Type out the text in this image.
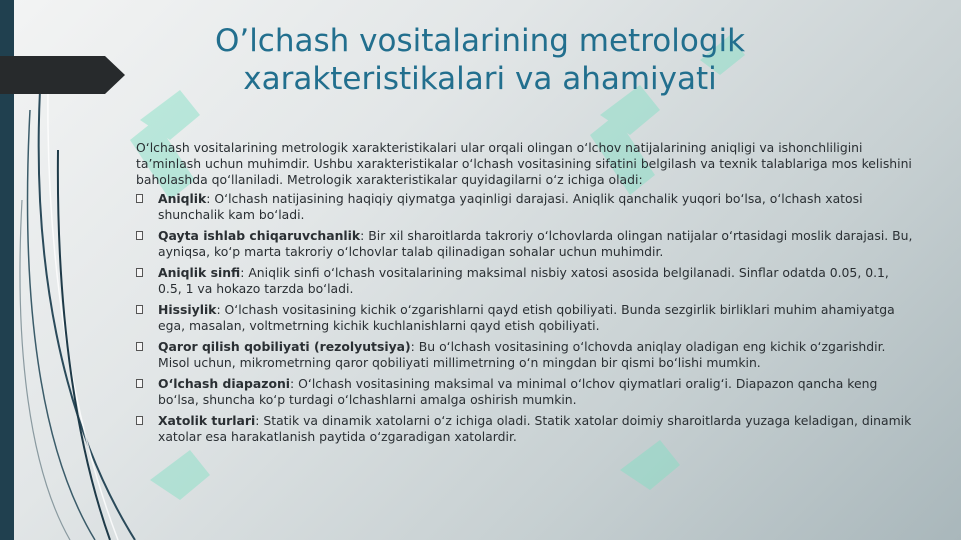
O’lchash vositalarining metrologik xarakteristikalari va ahamiyati

O‘lchash vositalarining metrologik xarakteristikalari ular orqali olingan o‘lchov natijalarining aniqligi va ishonchliligini ta’minlash uchun muhimdir. Ushbu xarakteristikalar o‘lchash vositasining sifatini belgilash va texnik talablariga mos kelishini baholashda qo‘llaniladi. Metrologik xarakteristikalar quyidagilarni o‘z ichiga oladi:

Aniqlik: O‘lchash natijasining haqiqiy qiymatga yaqinligi darajasi. Aniqlik qanchalik yuqori bo‘lsa, o‘lchash xatosi shunchalik kam bo‘ladi.
Qayta ishlab chiqaruvchanlik: Bir xil sharoitlarda takroriy o‘lchovlarda olingan natijalar o‘rtasidagi moslik darajasi. Bu, ayniqsa, ko‘p marta takroriy o‘lchovlar talab qilinadigan sohalar uchun muhimdir.
Aniqlik sinfi: Aniqlik sinfi o‘lchash vositalarining maksimal nisbiy xatosi asosida belgilanadi. Sinflar odatda 0.05, 0.1, 0.5, 1 va hokazo tarzda bo‘ladi.
Hissiylik: O‘lchash vositasining kichik o‘zgarishlarni qayd etish qobiliyati. Bunda sezgirlik birliklari muhim ahamiyatga ega, masalan, voltmetrning kichik kuchlanishlarni qayd etish qobiliyati.
Qaror qilish qobiliyati (rezolyutsiya): Bu o‘lchash vositasining o‘lchovda aniqlay oladigan eng kichik o‘zgarishdir. Misol uchun, mikrometrning qaror qobiliyati millimetrning o‘n mingdan bir qismi bo‘lishi mumkin.
O‘lchash diapazoni: O‘lchash vositasining maksimal va minimal o‘lchov qiymatlari oralig‘i. Diapazon qancha keng bo‘lsa, shuncha ko‘p turdagi o‘lchashlarni amalga oshirish mumkin.
Xatolik turlari: Statik va dinamik xatolarni o‘z ichiga oladi. Statik xatolar doimiy sharoitlarda yuzaga keladigan, dinamik xatolar esa harakatlanish paytida o‘zgaradigan xatolardir.
